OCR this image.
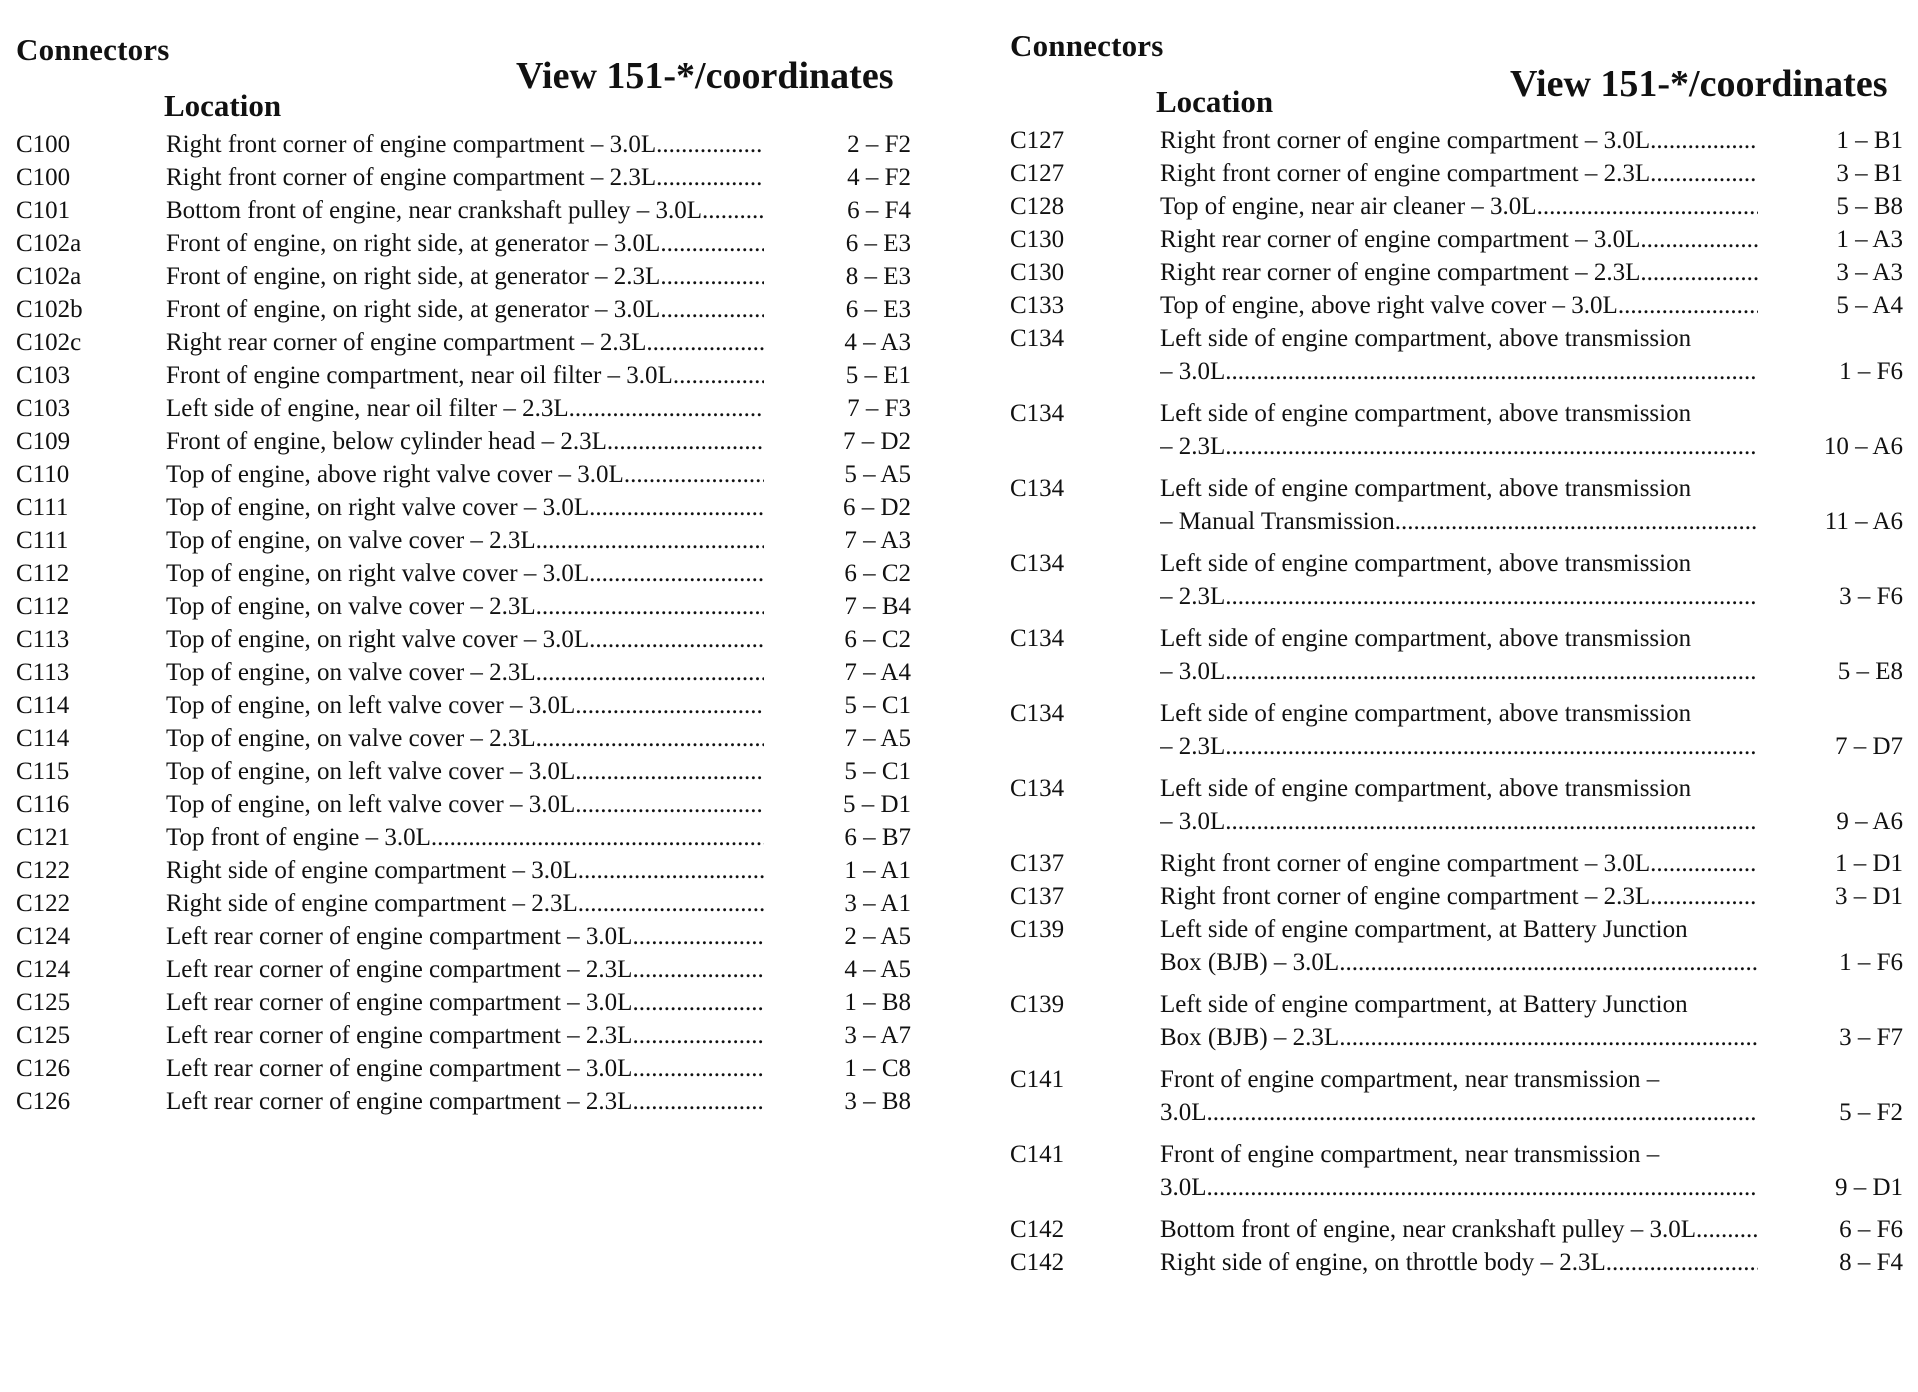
Connectors
View 151-*/coordinates
Location
C100	Right front corner of engine compartment – 3.0L .....	2 – F2
C100	Right front corner of engine compartment – 2.3L .....	4 – F2
C101	Bottom front of engine, near crankshaft pulley – 3.0L .....	6 – F4
C102a	Front of engine, on right side, at generator – 3.0L .....	6 – E3
C102a	Front of engine, on right side, at generator – 2.3L .....	8 – E3
C102b	Front of engine, on right side, at generator – 3.0L .....	6 – E3
C102c	Right rear corner of engine compartment – 2.3L .....	4 – A3
C103	Front of engine compartment, near oil filter – 3.0L .....	5 – E1
C103	Left side of engine, near oil filter – 2.3L .....	7 – F3
C109	Front of engine, below cylinder head – 2.3L .....	7 – D2
C110	Top of engine, above right valve cover – 3.0L .....	5 – A5
C111	Top of engine, on right valve cover – 3.0L .....	6 – D2
C111	Top of engine, on valve cover – 2.3L .....	7 – A3
C112	Top of engine, on right valve cover – 3.0L .....	6 – C2
C112	Top of engine, on valve cover – 2.3L .....	7 – B4
C113	Top of engine, on right valve cover – 3.0L .....	6 – C2
C113	Top of engine, on valve cover – 2.3L .....	7 – A4
C114	Top of engine, on left valve cover – 3.0L .....	5 – C1
C114	Top of engine, on valve cover – 2.3L .....	7 – A5
C115	Top of engine, on left valve cover – 3.0L .....	5 – C1
C116	Top of engine, on left valve cover – 3.0L .....	5 – D1
C121	Top front of engine – 3.0L .....	6 – B7
C122	Right side of engine compartment – 3.0L .....	1 – A1
C122	Right side of engine compartment – 2.3L .....	3 – A1
C124	Left rear corner of engine compartment – 3.0L .....	2 – A5
C124	Left rear corner of engine compartment – 2.3L .....	4 – A5
C125	Left rear corner of engine compartment – 3.0L .....	1 – B8
C125	Left rear corner of engine compartment – 2.3L .....	3 – A7
C126	Left rear corner of engine compartment – 3.0L .....	1 – C8
C126	Left rear corner of engine compartment – 2.3L .....	3 – B8
Connectors
View 151-*/coordinates
Location
C127	Right front corner of engine compartment – 3.0L .....	1 – B1
C127	Right front corner of engine compartment – 2.3L .....	3 – B1
C128	Top of engine, near air cleaner – 3.0L .....	5 – B8
C130	Right rear corner of engine compartment – 3.0L .....	1 – A3
C130	Right rear corner of engine compartment – 2.3L .....	3 – A3
C133	Top of engine, above right valve cover – 3.0L .....	5 – A4
C134	Left side of engine compartment, above transmission
– 3.0L .....	1 – F6
C134	Left side of engine compartment, above transmission
– 2.3L .....	10 – A6
C134	Left side of engine compartment, above transmission
– Manual Transmission .....	11 – A6
C134	Left side of engine compartment, above transmission
– 2.3L .....	3 – F6
C134	Left side of engine compartment, above transmission
– 3.0L .....	5 – E8
C134	Left side of engine compartment, above transmission
– 2.3L .....	7 – D7
C134	Left side of engine compartment, above transmission
– 3.0L .....	9 – A6
C137	Right front corner of engine compartment – 3.0L .....	1 – D1
C137	Right front corner of engine compartment – 2.3L .....	3 – D1
C139	Left side of engine compartment, at Battery Junction
Box (BJB) – 3.0L .....	1 – F6
C139	Left side of engine compartment, at Battery Junction
Box (BJB) – 2.3L .....	3 – F7
C141	Front of engine compartment, near transmission –
3.0L .....	5 – F2
C141	Front of engine compartment, near transmission –
3.0L .....	9 – D1
C142	Bottom front of engine, near crankshaft pulley – 3.0L .....	6 – F6
C142	Right side of engine, on throttle body – 2.3L .....	8 – F4
